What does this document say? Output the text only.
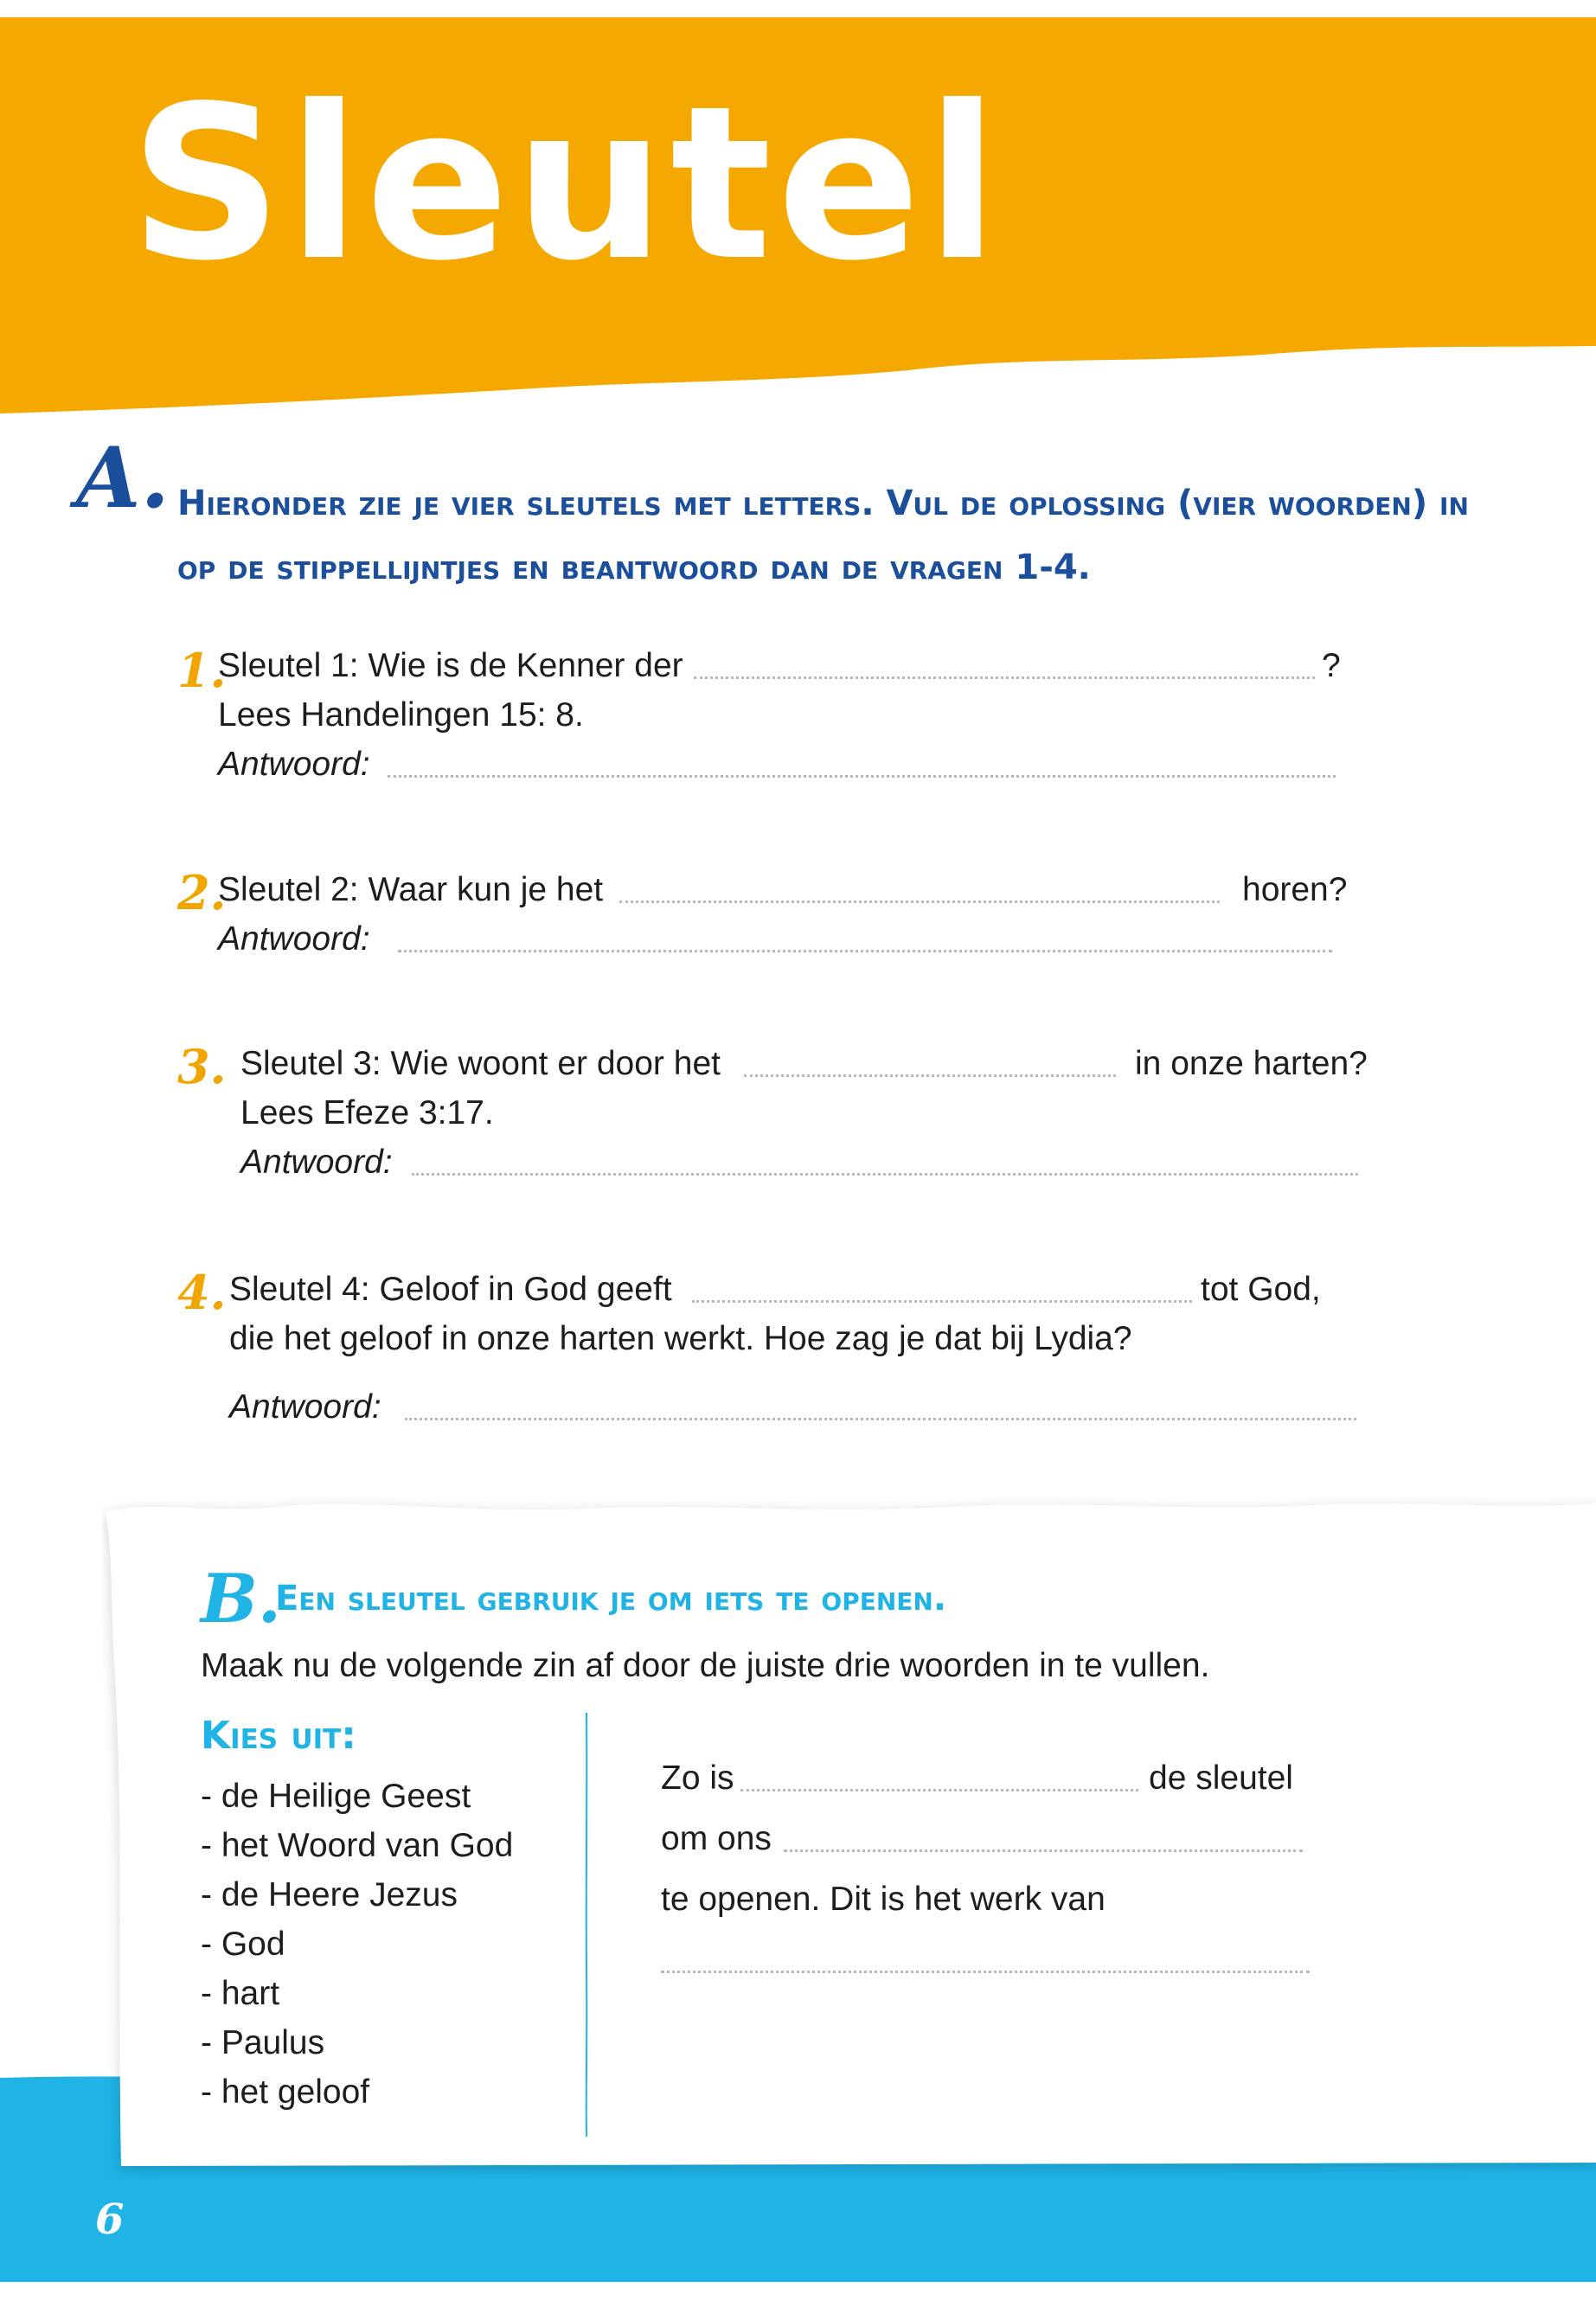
Sleutel
A. Hieronder zie je vier sleutels met letters. Vul de oplossing (vier woorden) in op de stippellijntjes en beantwoord dan de vragen 1-4.
1.
Sleutel 1: Wie is de Kenner der	?
Lees Handelingen 15: 8.
Antwoord:
2.
Sleutel 2: Waar kun je het	horen?
Antwoord:
3. Sleutel 3: Wie woont er door het	in onze harten?
Lees Efeze 3:17.
Antwoord:
4. Sleutel 4: Geloof in God geeft	tot God,
die het geloof in onze harten werkt. Hoe zag je dat bij Lydia?
Antwoord:
B.
Een sleutel gebruik je om iets te openen.
Maak nu de volgende zin af door de juiste drie woorden in te vullen.
Kies uit:
- de Heilige Geest
- het Woord van God
- de Heere Jezus
- God
- hart
- Paulus
- het geloof
Zo is	de sleutel
om ons
te openen. Dit is het werk van
6
